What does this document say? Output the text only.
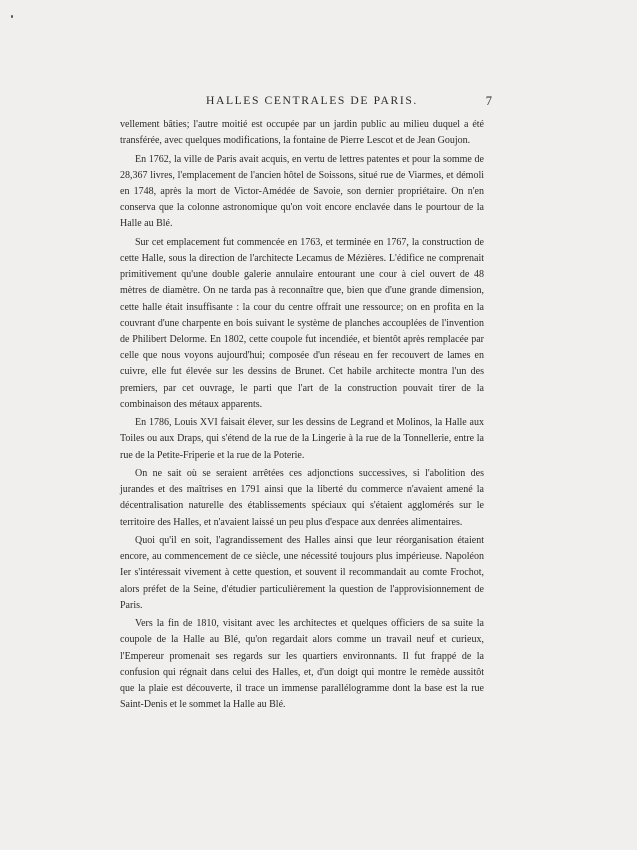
HALLES CENTRALES DE PARIS.	7

vellement bâties; l'autre moitié est occupée par un jardin public au milieu duquel a été transférée, avec quelques modifications, la fontaine de Pierre Lescot et de Jean Goujon.

En 1762, la ville de Paris avait acquis, en vertu de lettres patentes et pour la somme de 28,367 livres, l'emplacement de l'ancien hôtel de Soissons, situé rue de Viarmes, et démoli en 1748, après la mort de Victor-Amédée de Savoie, son dernier propriétaire. On n'en conserva que la colonne astronomique qu'on voit encore enclavée dans le pourtour de la Halle au Blé.

Sur cet emplacement fut commencée en 1763, et terminée en 1767, la construction de cette Halle, sous la direction de l'architecte Lecamus de Mézières. L'édifice ne comprenait primitivement qu'une double galerie annulaire entourant une cour à ciel ouvert de 48 mètres de diamètre. On ne tarda pas à reconnaître que, bien que d'une grande dimension, cette halle était insuffisante : la cour du centre offrait une ressource; on en profita en la couvrant d'une charpente en bois suivant le système de planches accouplées de l'invention de Philibert Delorme. En 1802, cette coupole fut incendiée, et bientôt après remplacée par celle que nous voyons aujourd'hui; composée d'un réseau en fer recouvert de lames en cuivre, elle fut élevée sur les dessins de Brunet. Cet habile architecte montra l'un des premiers, par cet ouvrage, le parti que l'art de la construction pouvait tirer de la combinaison des métaux apparents.

En 1786, Louis XVI faisait élever, sur les dessins de Legrand et Molinos, la Halle aux Toiles ou aux Draps, qui s'étend de la rue de la Lingerie à la rue de la Tonnellerie, entre la rue de la Petite-Friperie et la rue de la Poterie.

On ne sait où se seraient arrêtées ces adjonctions successives, si l'abolition des jurandes et des maîtrises en 1791 ainsi que la liberté du commerce n'avaient amené la décentralisation naturelle des établissements spéciaux qui s'étaient agglomérés sur le territoire des Halles, et n'avaient laissé un peu plus d'espace aux denrées alimentaires.

Quoi qu'il en soit, l'agrandissement des Halles ainsi que leur réorganisation étaient encore, au commencement de ce siècle, une nécessité toujours plus impérieuse. Napoléon Ier s'intéressait vivement à cette question, et souvent il recommandait au comte Frochot, alors préfet de la Seine, d'étudier particulièrement la question de l'approvisionnement de Paris.

Vers la fin de 1810, visitant avec les architectes et quelques officiers de sa suite la coupole de la Halle au Blé, qu'on regardait alors comme un travail neuf et curieux, l'Empereur promenait ses regards sur les quartiers environnants. Il fut frappé de la confusion qui régnait dans celui des Halles, et, d'un doigt qui montre le remède aussitôt que la plaie est découverte, il trace un immense parallélogramme dont la base est la rue Saint-Denis et le sommet la Halle au Blé.
